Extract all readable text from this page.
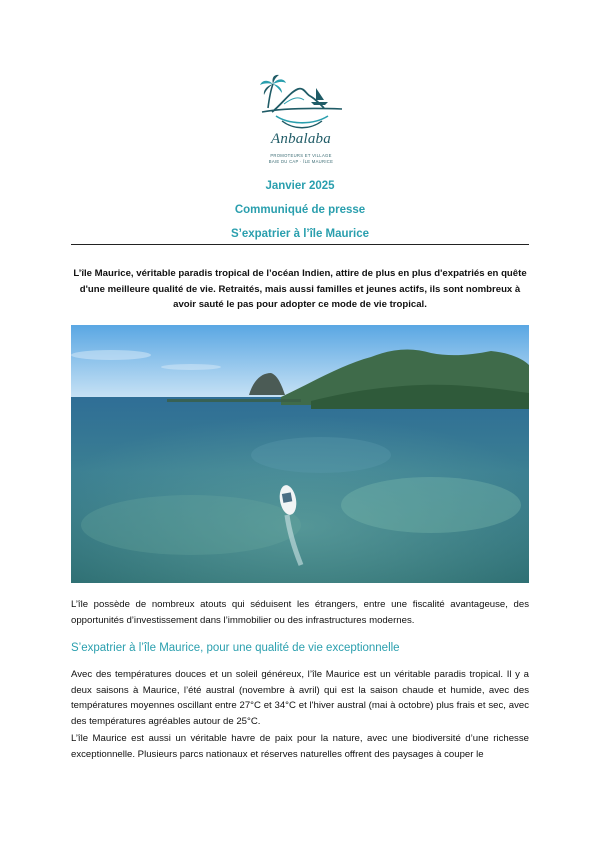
Anbalaba
PROMOTEURS ET VILLAGE
BAIE DU CAP · ÎLE MAURICE
Janvier 2025
Communiqué de presse
S’expatrier à l’île Maurice
L’île Maurice, véritable paradis tropical de l’océan Indien, attire de plus en plus d'expatriés en quête d'une meilleure qualité de vie. Retraités, mais aussi familles et jeunes actifs, ils sont nombreux à avoir sauté le pas pour adopter ce mode de vie tropical.
L’île possède de nombreux atouts qui séduisent les étrangers, entre une fiscalité avantageuse, des opportunités d’investissement dans l’immobilier ou des infrastructures modernes.
S’expatrier à l’île Maurice, pour une qualité de vie exceptionnelle
Avec des températures douces et un soleil généreux, l’île Maurice est un véritable paradis tropical. Il y a deux saisons à Maurice, l’été austral (novembre à avril) qui est la saison chaude et humide, avec des températures moyennes oscillant entre 27°C et 34°C et l'hiver austral (mai à octobre) plus frais et sec, avec des températures agréables autour de 25°C.
L’île Maurice est aussi un véritable havre de paix pour la nature, avec une biodiversité d’une richesse exceptionnelle. Plusieurs parcs nationaux et réserves naturelles offrent des paysages à couper le
